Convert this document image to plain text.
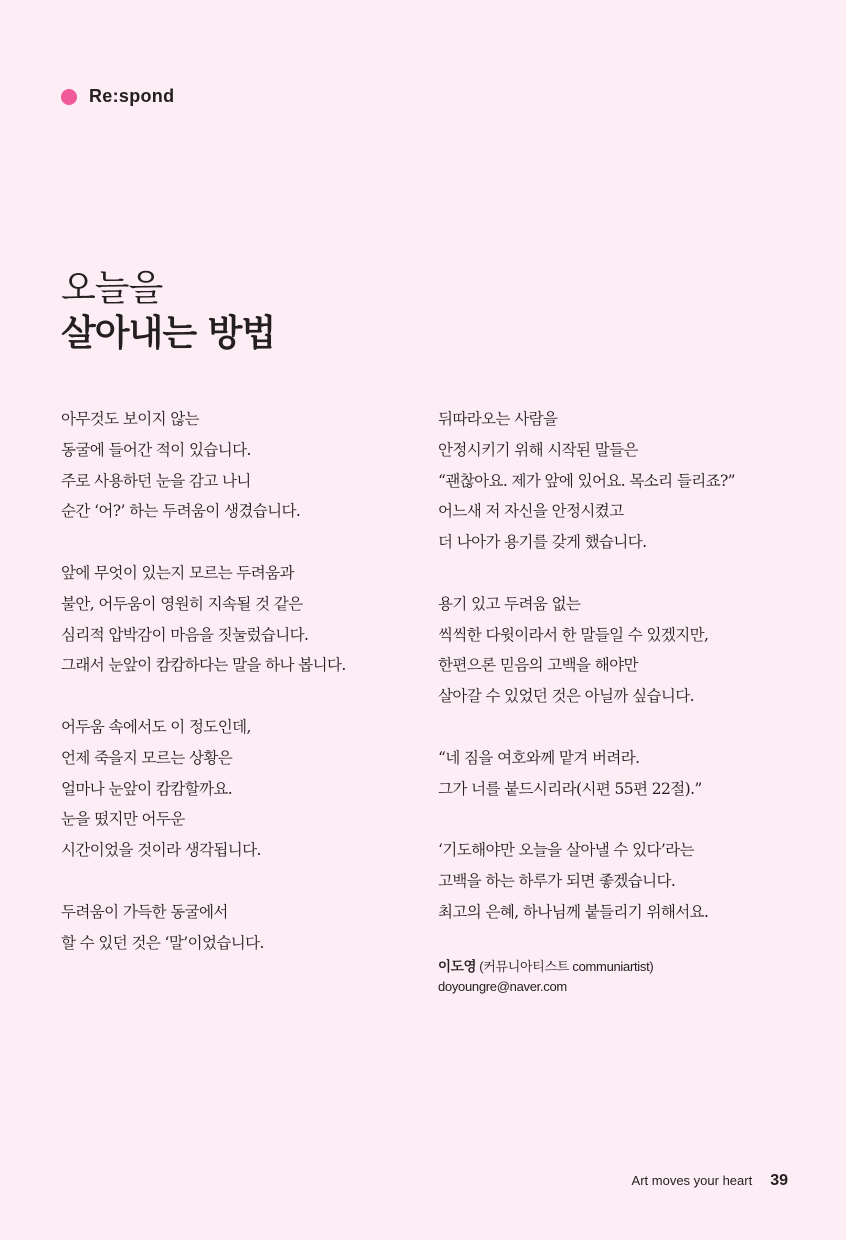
Re:spond
오늘을
살아내는 방법

아무것도 보이지 않는
동굴에 들어간 적이 있습니다.
주로 사용하던 눈을 감고 나니
순간 ‘어?’ 하는 두려움이 생겼습니다.

앞에 무엇이 있는지 모르는 두려움과
불안, 어두움이 영원히 지속될 것 같은
심리적 압박감이 마음을 짓눌렀습니다.
그래서 눈앞이 캄캄하다는 말을 하나 봅니다.

어두움 속에서도 이 정도인데,
언제 죽을지 모르는 상황은
얼마나 눈앞이 캄캄할까요.
눈을 떴지만 어두운
시간이었을 것이라 생각됩니다.

두려움이 가득한 동굴에서
할 수 있던 것은 ‘말’이었습니다.

뒤따라오는 사람을
안정시키기 위해 시작된 말들은
“괜찮아요. 제가 앞에 있어요. 목소리 들리죠?”
어느새 저 자신을 안정시켰고
더 나아가 용기를 갖게 했습니다.

용기 있고 두려움 없는
씩씩한 다윗이라서 한 말들일 수 있겠지만,
한편으론 믿음의 고백을 해야만
살아갈 수 있었던 것은 아닐까 싶습니다.

“네 짐을 여호와께 맡겨 버려라.
그가 너를 붙드시리라(시편 55편 22절).”

‘기도해야만 오늘을 살아낼 수 있다’라는
고백을 하는 하루가 되면 좋겠습니다.
최고의 은혜, 하나님께 붙들리기 위해서요.

이도영 (커뮤니아티스트 communiartist)
doyoungre@naver.com
Art moves your heart 39
